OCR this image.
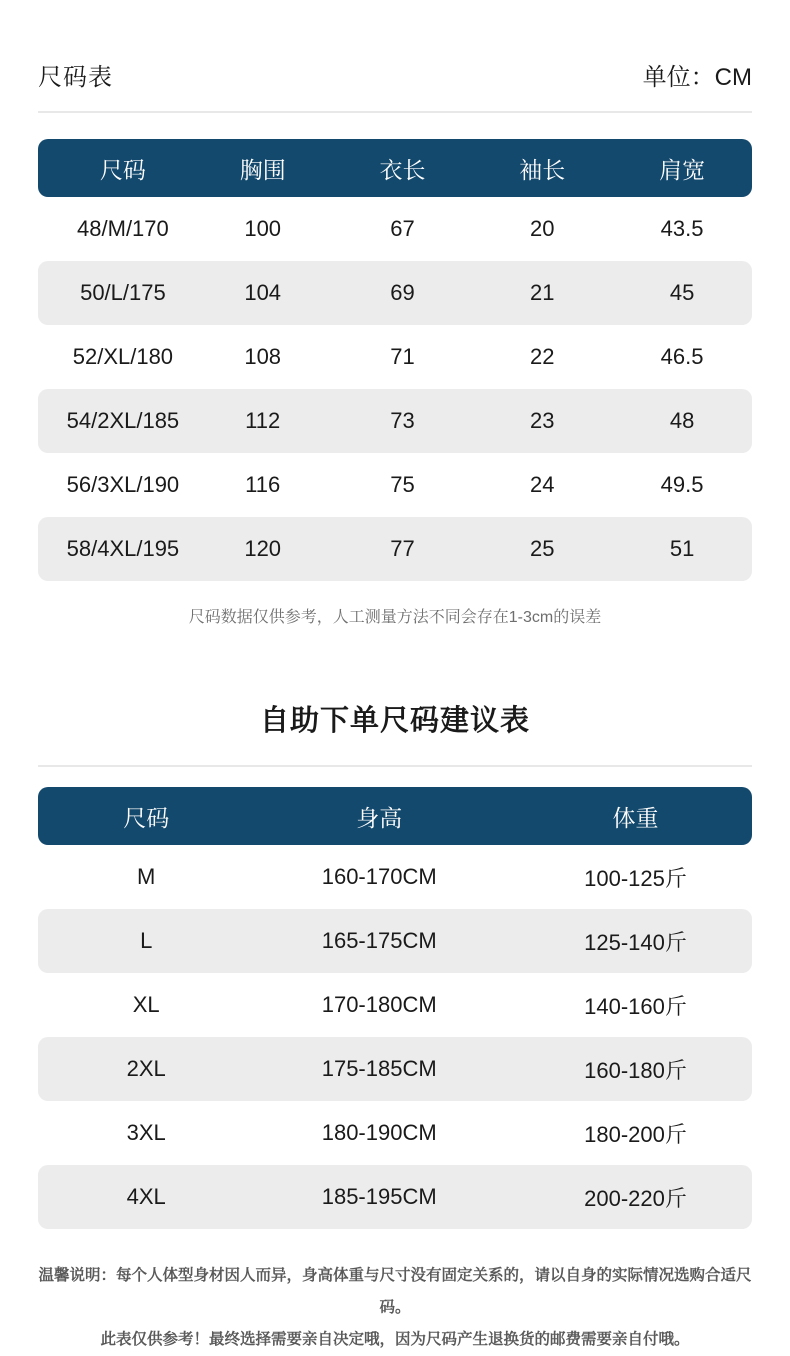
尺码表	单位：CM
尺码	胸围	衣长	袖长	肩宽
48/M/170	100	67	20	43.5
50/L/175	104	69	21	45
52/XL/180	108	71	22	46.5
54/2XL/185	112	73	23	48
56/3XL/190	116	75	24	49.5
58/4XL/195	120	77	25	51
尺码数据仅供参考，人工测量方法不同会存在1-3cm的误差
自助下单尺码建议表
尺码	身高	体重
M	160-170CM	100-125斤
L	165-175CM	125-140斤
XL	170-180CM	140-160斤
2XL	175-185CM	160-180斤
3XL	180-190CM	180-200斤
4XL	185-195CM	200-220斤
温馨说明：每个人体型身材因人而异，身高体重与尺寸没有固定关系的，请以自身的实际情况选购合适尺码。
此表仅供参考！最终选择需要亲自决定哦，因为尺码产生退换货的邮费需要亲自付哦。
